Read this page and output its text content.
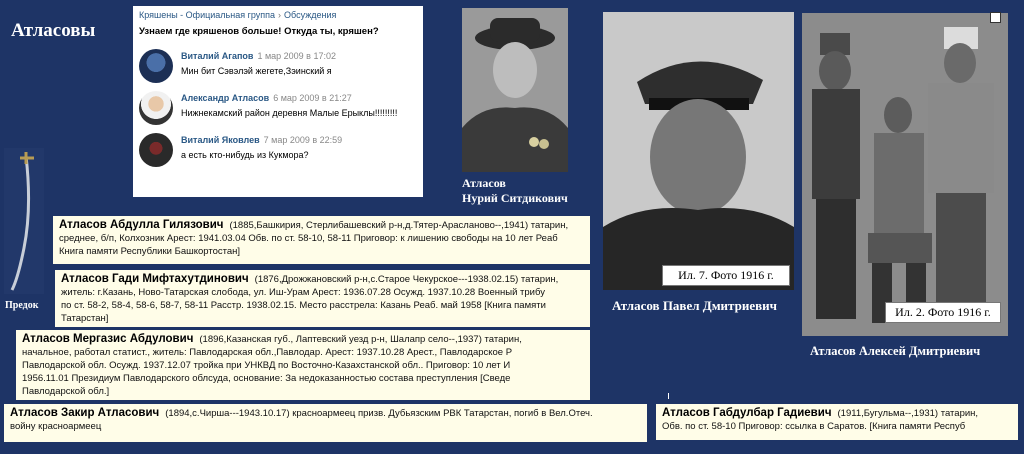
Атласовы
Кряшены - Официальная группа › Обсуждения
Узнаем где кряшенов больше! Откуда ты, кряшен?
Виталий Агапов 1 мар 2009 в 17:02
Мин бит Сэвэлэй жегете,Зэинский я
Александр Атласов 6 мар 2009 в 21:27
Нижнекамский район деревня Малые Ерыклы!!!!!!!!!
Виталий Яковлев 7 мар 2009 в 22:59
а есть кто-нибудь из Кукмора?
Предок
Атласов
Нурий Ситдикович
Ил. 7. Фото 1916 г.
Атласов Павел Дмитриевич	Ил. 2. Фото 1916 г.
Атласов Алексей Дмитриевич
Атласов Абдулла Гилязович (1885,Башкирия, Стерлибашевский р-н,д.Тятер-Арасланово--,1941) татарин,
среднее, б/п, Колхозник Арест: 1941.03.04 Обв. по ст. 58-10, 58-11 Приговор: к лишению свободы на 10 лет Реаб
Книга памяти Республики Башкортостан]
Атласов Гади Мифтахутдинович (1876,Дрожжановский р-н,с.Старое Чекурское---1938.02.15) татарин,
житель: г.Казань, Ново-Татарская слобода, ул. Иш-Урам Арест: 1936.07.28 Осужд. 1937.10.28 Военный трибу
по ст. 58-2, 58-4, 58-6, 58-7, 58-11 Расстр. 1938.02.15. Место расстрела: Казань Реаб. май 1958 [Книга памяти
Татарстан]
Атласов Мергазис Абдулович (1896,Казанская губ., Лаптевский уезд р-н, Шалапр село--,1937) татарин,
начальное, работал статист., житель: Павлодарская обл.,Павлодар. Арест: 1937.10.28 Арест., Павлодарское Р
Павлодарской обл. Осужд. 1937.12.07 тройка при УНКВД по Восточно-Казахстанской обл.. Приговор: 10 лет И
1956.11.01 Президиум Павлодарского облсуда, основание: За недоказанностью состава преступления [Сведе
Павлодарской обл.]
Атласов Закир Атласович (1894,с.Чирша---1943.10.17) красноармеец призв. Дубьязским РВК Татарстан, погиб в Вел.Отеч.
войну красноармеец
Атласов Габдулбар Гадиевич (1911,Бугульма--,1931) татарин,
Обв. по ст. 58-10 Приговор: ссылка в Саратов. [Книга памяти Респуб
